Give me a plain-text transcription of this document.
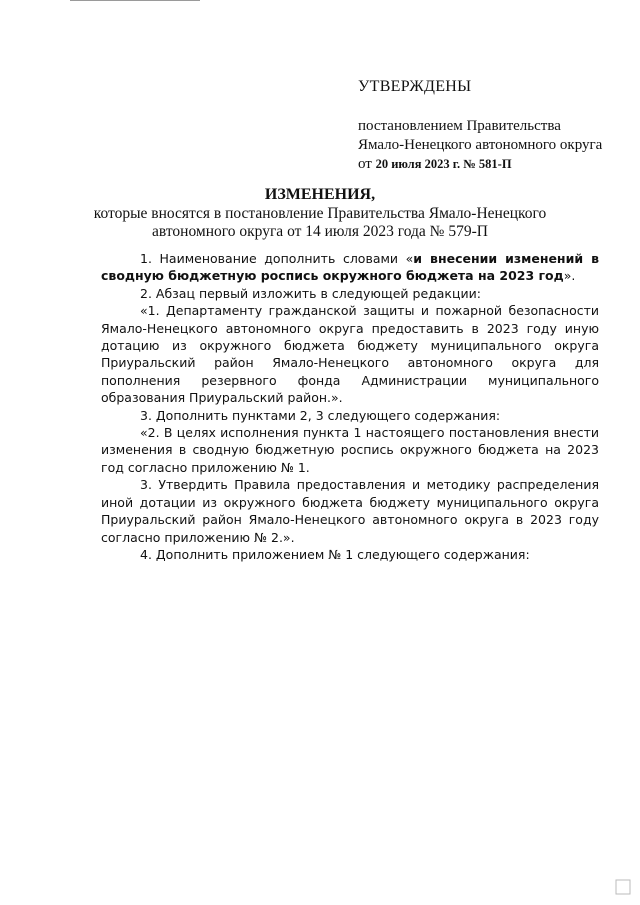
УТВЕРЖДЕНЫ
постановлением Правительства
Ямало-Ненецкого автономного округа
от 20 июля 2023 г. № 581-П
ИЗМЕНЕНИЯ,
которые вносятся в постановление Правительства Ямало-Ненецкого
автономного округа от 14 июля 2023 года № 579-П

1. Наименование дополнить словами «и внесении изменений в сводную бюджетную роспись окружного бюджета на 2023 год».

2. Абзац первый изложить в следующей редакции:

«1. Департаменту гражданской защиты и пожарной безопасности Ямало-Ненецкого автономного округа предоставить в 2023 году иную дотацию из окружного бюджета бюджету муниципального округа Приуральский район Ямало-Ненецкого автономного округа для пополнения резервного фонда Администрации муниципального образования Приуральский район.».

3. Дополнить пунктами 2, 3 следующего содержания:

«2. В целях исполнения пункта 1 настоящего постановления внести изменения в сводную бюджетную роспись окружного бюджета на 2023 год согласно приложению № 1.

3. Утвердить Правила предоставления и методику распределения иной дотации из окружного бюджета бюджету муниципального округа Приуральский район Ямало-Ненецкого автономного округа в 2023 году согласно приложению № 2.».

4. Дополнить приложением № 1 следующего содержания:
